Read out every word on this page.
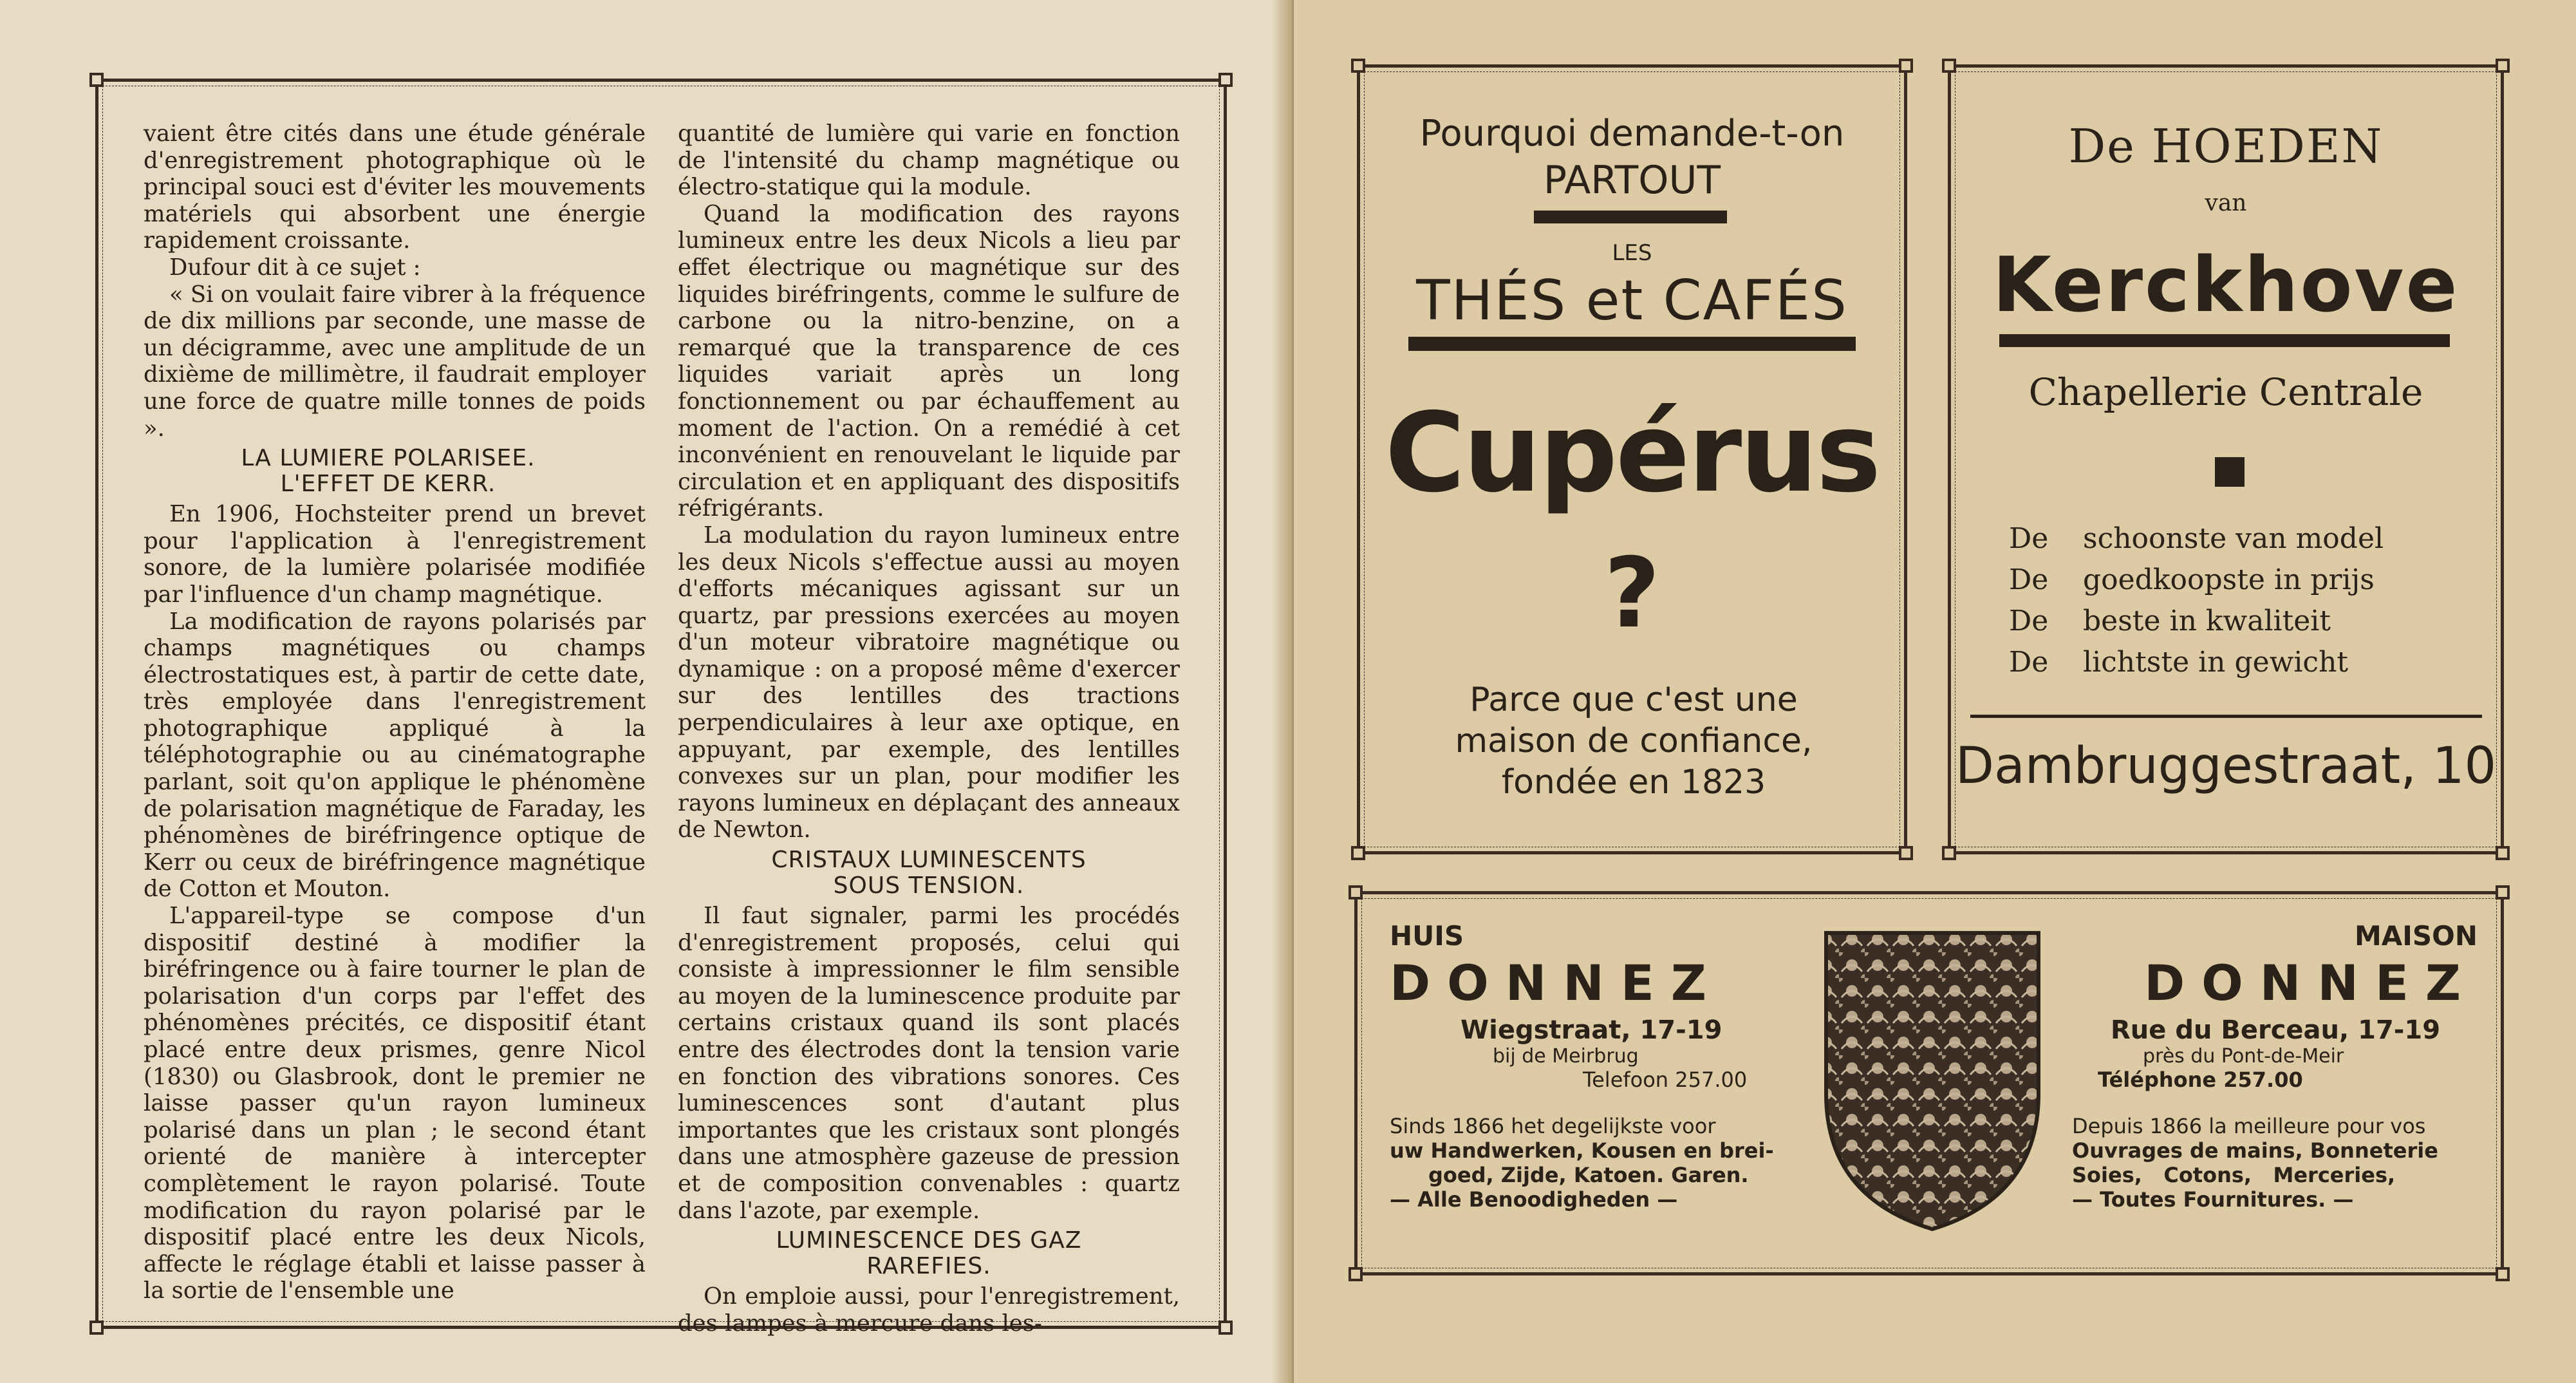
vaient être cités dans une étude générale d'enregistrement photographique où le principal souci est d'éviter les mouvements matériels qui absorbent une énergie rapidement croissante.

Dufour dit à ce sujet :

« Si on voulait faire vibrer à la fréquence de dix millions par seconde, une masse de un décigramme, avec une amplitude de un dixième de millimètre, il faudrait employer une force de quatre mille tonnes de poids ».

LA LUMIERE POLARISEE. L'EFFET DE KERR.

En 1906, Hochsteiter prend un brevet pour l'application à l'enregistrement sonore, de la lumière polarisée modifiée par l'influence d'un champ magnétique.

La modification de rayons polarisés par champs magnétiques ou champs électrostatiques est, à partir de cette date, très employée dans l'enregistrement photographique appliqué à la téléphotographie ou au cinématographe parlant, soit qu'on applique le phénomène de polarisation magnétique de Faraday, les phénomènes de biréfringence optique de Kerr ou ceux de biréfringence magnétique de Cotton et Mouton.

L'appareil-type se compose d'un dispositif destiné à modifier la biréfringence ou à faire tourner le plan de polarisation d'un corps par l'effet des phénomènes précités, ce dispositif étant placé entre deux prismes, genre Nicol (1830) ou Glasbrook, dont le premier ne laisse passer qu'un rayon lumineux polarisé dans un plan ; le second étant orienté de manière à intercepter complètement le rayon polarisé. Toute modification du rayon polarisé par le dispositif placé entre les deux Nicols, affecte le réglage établi et laisse passer à la sortie de l'ensemble une

quantité de lumière qui varie en fonction de l'intensité du champ magnétique ou électro-statique qui la module.

Quand la modification des rayons lumineux entre les deux Nicols a lieu par effet électrique ou magnétique sur des liquides biréfringents, comme le sulfure de carbone ou la nitro-benzine, on a remarqué que la transparence de ces liquides variait après un long fonctionnement ou par échauffement au moment de l'action. On a remédié à cet inconvénient en renouvelant le liquide par circulation et en appliquant des dispositifs réfrigérants.

La modulation du rayon lumineux entre les deux Nicols s'effectue aussi au moyen d'efforts mécaniques agissant sur un quartz, par pressions exercées au moyen d'un moteur vibratoire magnétique ou dynamique : on a proposé même d'exercer sur des lentilles des tractions perpendiculaires à leur axe optique, en appuyant, par exemple, des lentilles convexes sur un plan, pour modifier les rayons lumineux en déplaçant des anneaux de Newton.

CRISTAUX LUMINESCENTS SOUS TENSION.

Il faut signaler, parmi les procédés d'enregistrement proposés, celui qui consiste à impressionner le film sensible au moyen de la luminescence produite par certains cristaux quand ils sont placés entre des électrodes dont la tension varie en fonction des vibrations sonores. Ces luminescences sont d'autant plus importantes que les cristaux sont plongés dans une atmosphère gazeuse de pression et de composition convenables : quartz dans l'azote, par exemple.

LUMINESCENCE DES GAZ RAREFIES.

On emploie aussi, pour l'enregistrement, des lampes à mercure dans les-

Pourquoi demande-t-on
PARTOUT
LES
THÉS et CAFÉS
Cupérus
?
Parce que c'est une maison de confiance, fondée en 1823
De HOEDEN
van
Kerckhove
Chapellerie Centrale
De schoonste van model
De goedkoopste in prijs
De beste in kwaliteit
De lichtste in gewicht
Dambruggestraat, 10
HUIS
DONNEZ
Wiegstraat, 17-19
bij de Meirbrug
Telefoon 257.00
Sinds 1866 het degelijkste voor
uw Handwerken, Kousen en brei-
goed, Zijde, Katoen. Garen.
— Alle Benoodigheden —
MAISON
DONNEZ
Rue du Berceau, 17-19
près du Pont-de-Meir
Téléphone 257.00
Depuis 1866 la meilleure pour vos
Ouvrages de mains, Bonneterie
Soies,   Cotons,   Merceries,
— Toutes Fournitures. —
